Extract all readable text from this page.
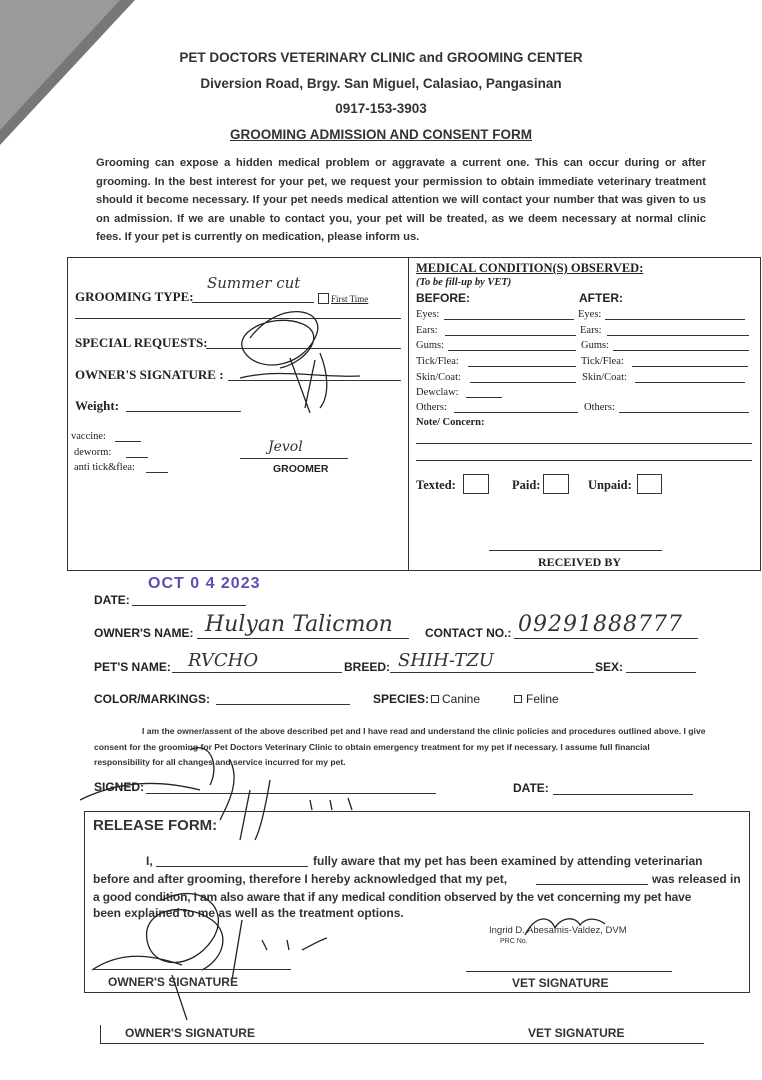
PET DOCTORS VETERINARY CLINIC and GROOMING CENTER
Diversion Road, Brgy. San Miguel, Calasiao, Pangasinan
0917-153-3903
GROOMING ADMISSION AND CONSENT FORM
Grooming can expose a hidden medical problem or aggravate a current one. This can occur during or after grooming. In the best interest for your pet, we request your permission to obtain immediate veterinary treatment should it become necessary. If your pet needs medical attention we will contact your number that was given to us on admission. If we are unable to contact you, your pet will be treated, as we deem necessary at normal clinic fees. If your pet is currently on medication, please inform us.
GROOMING TYPE:
Summer cut
First Time
SPECIAL REQUESTS:
OWNER'S SIGNATURE :
Weight:
vaccine:
deworm:
anti tick&flea:
Jevol
GROOMER
MEDICAL CONDITION(S) OBSERVED:
(To be fill-up by VET)
BEFORE:	AFTER:
Eyes:	Eyes:
Ears:	Ears:
Gums:	Gums:
Tick/Flea:	Tick/Flea:
Skin/Coat:	Skin/Coat:
Dewclaw:
Others:	Others:
Note/ Concern:
Texted:	Paid:	Unpaid:
RECEIVED BY
OCT 0 4 2023
DATE:
OWNER'S NAME: Hulyan Talicmon	CONTACT NO.: 09291888777
PET'S NAME: RVCHO	BREED: SHIH-TZU	SEX:
COLOR/MARKINGS:	SPECIES: Canine	Feline
I am the owner/assent of the above described pet and I have read and understand the clinic policies and procedures outlined above. I give consent for the grooming for Pet Doctors Veterinary Clinic to obtain emergency treatment for my pet if necessary. I assume full financial responsibility for all changes and service incurred for my pet.
SIGNED:	DATE:
RELEASE FORM:
I,	fully aware that my pet has been examined by attending veterinarian
before and after grooming, therefore I hereby acknowledged that my pet,	was released in
a good condition, I am also aware that if any medical condition observed by the vet concerning my pet have
been explained to me as well as the treatment options.
Ingrid D. Abesamis-Valdez, DVM
PRC No.
OWNER'S SIGNATURE	VET SIGNATURE
OWNER'S SIGNATURE	VET SIGNATURE
